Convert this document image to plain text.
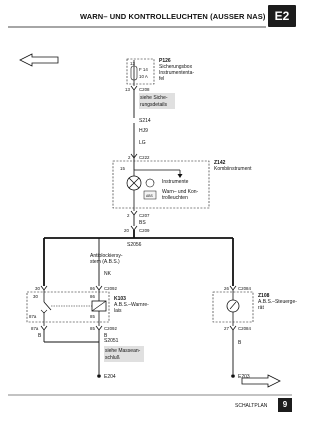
WARN– UND KONTROLLEUCHTEN (AUSSER NAS) E2
13
F 14
10 A
P126
Sicherungsbox
Instrumententa-
fel
13 C208
siehe Siche-
rungsdetails
S214
HJ9
LG
2 C222
Z142
Kombiinstrument
15
ABS
Instrumente
Warn– und Kon-
trolleuchten
2 C207
BS
20 C209
S2056
Antiblockiersy-
stem (A.B.S.)
NK
30	86 C2092
30	86
87a	85
K103
A.B.S.–Warnre-
lais
87a	85 C2092
B	B
S2051
siehe Massean-
schluß
E204
26 C2084
Z108
A.B.S.–Steuerge-
rät
27 C2084
B
E203
SCHALTPLAN	9
